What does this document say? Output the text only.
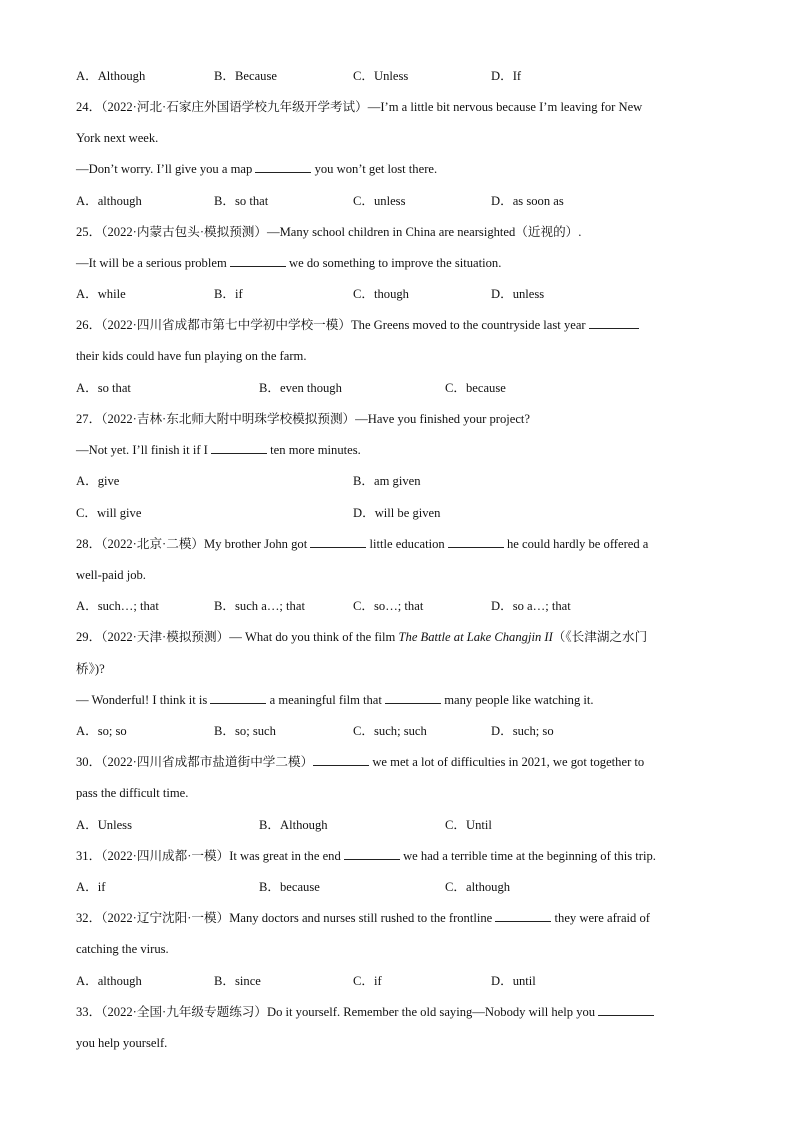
A．Although	B．Because	C．Unless	D．If
24．（2022·河北·石家庄外国语学校九年级开学考试）—I’m a little bit nervous because I’m leaving for New
York next week.
—Don’t worry. I’ll give you a map	you won’t get lost there.
A．although	B．so that	C．unless	D．as soon as
25．（2022·内蒙古包头·模拟预测）—Many school children in China are nearsighted（近视的）.
—It will be a serious problem	we do something to improve the situation.
A．while	B．if	C．though	D．unless
26．（2022·四川省成都市第七中学初中学校一模）The Greens moved to the countryside last year
their kids could have fun playing on the farm.
A．so that	B．even though	C．because
27．（2022·吉林·东北师大附中明珠学校模拟预测）—Have you finished your project?
—Not yet. I’ll finish it if I	ten more minutes.
A．give	B．am given
C．will give	D．will be given
28．（2022·北京·二模）My brother John got	little education	he could hardly be offered a
well-paid job.
A．such…; that	B．such a…; that	C．so…; that	D．so a…; that
29．（2022·天津·模拟预测）— What do you think of the film The Battle at Lake Changjin II（《长津湖之水门
桥》)?
— Wonderful! I think it is	a meaningful film that	many people like watching it.
A．so; so	B．so; such	C．such; such	D．such; so
30．（2022·四川省成都市盐道街中学二模）	we met a lot of difficulties in 2021, we got together to
pass the difficult time.
A．Unless	B．Although	C．Until
31．（2022·四川成都·一模）It was great in the end	we had a terrible time at the beginning of this trip.
A．if	B．because	C．although
32．（2022·辽宁沈阳·一模）Many doctors and nurses still rushed to the frontline	they were afraid of
catching the virus.
A．although	B．since	C．if	D．until
33．（2022·全国·九年级专题练习）Do it yourself. Remember the old saying—Nobody will help you
you help yourself.
